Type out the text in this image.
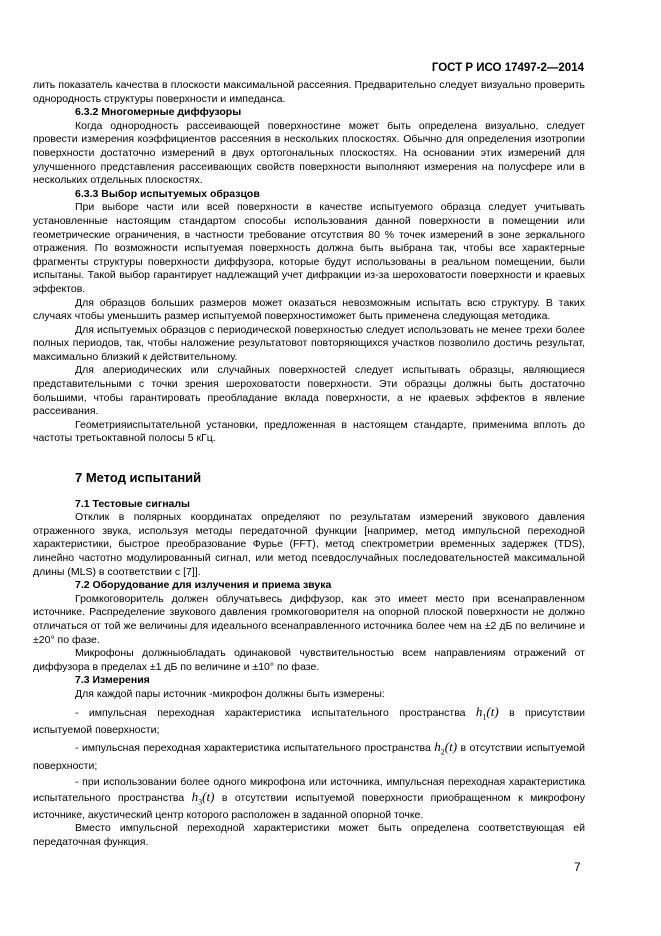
ГОСТ Р ИСО 17497-2—2014

лить показатель качества в плоскости максимальной рассеяния. Предварительно следует визуально проверить однородность структуры поверхности и импеданса.

6.3.2 Многомерные диффузоры

Когда однородность рассеивающей поверхностине может быть определена визуально, следует провести измерения коэффициентов рассеяния в нескольких плоскостях. Обычно для определения изотропии поверхности достаточно измерений в двух ортогональных плоскостях. На основании этих измерений для улучшенного представления рассеивающих свойств поверхности выполняют измерения на полусфере или в нескольких отдельных плоскостях.

6.3.3 Выбор испытуемых образцов

При выборе части или всей поверхности в качестве испытуемого образца следует учитывать установленные настоящим стандартом способы использования данной поверхности в помещении или геометрические ограничения, в частности требование отсутствия 80 % точек измерений в зоне зеркального отражения. По возможности испытуемая поверхность должна быть выбрана так, чтобы все характерные фрагменты структуры поверхности диффузора, которые будут использованы в реальном помещении, были испытаны. Такой выбор гарантирует надлежащий учет дифракции из-за шероховатости поверхности и краевых эффектов.

Для образцов больших размеров может оказаться невозможным испытать всю структуру. В таких случаях чтобы уменьшить размер испытуемой поверхностиможет быть применена следующая методика.

Для испытуемых образцов с периодической поверхностью следует использовать не менее трехи более полных периодов, так, чтобы наложение результатовот повторяющихся участков позволило достичь результат, максимально близкий к действительному.

Для апериодических или случайных поверхностей следует испытывать образцы, являющиеся представительными с точки зрения шероховатости поверхности. Эти образцы должны быть достаточно большими, чтобы гарантировать преобладание вклада поверхности, а не краевых эффектов в явление рассеивания.

Геометрияиспытательной установки, предложенная в настоящем стандарте, применима вплоть до частоты третьоктавной полосы 5 кГц.

7 Метод испытаний

7.1 Тестовые сигналы

Отклик в полярных координатах определяют по результатам измерений звукового давления отраженного звука, используя методы передаточной функции [например, метод импульсной переходной характеристики, быстрое преобразование Фурье (FFT), метод спектрометрии временных задержек (TDS), линейно частотно модулированный сигнал, или метод псевдослучайных последовательностей максимальной длины (MLS) в соответствии с [7]].

7.2 Оборудование для излучения и приема звука

Громкоговоритель должен облучатьвесь диффузор, как это имеет место при всенаправленном источнике. Распределение звукового давления громкоговорителя на опорной плоской поверхности не должно отличаться от той же величины для идеального всенаправленного источника более чем на ±2 дБ по величине и ±20° по фазе.

Микрофоны должныобладать одинаковой чувствительностью всем направлениям отражений от диффузора в пределах ±1 дБ по величине и ±10° по фазе.

7.3 Измерения

Для каждой пары источник -микрофон должны быть измерены:

- импульсная переходная характеристика испытательного пространства $h_1(t)$ в присутствии испытуемой поверхности;

- импульсная переходная характеристика испытательного пространства $h_2(t)$ в отсутствии испытуемой поверхности;

- при использовании более одного микрофона или источника, импульсная переходная характеристика испытательного пространства $h_3(t)$ в отсутствии испытуемой поверхности приобращенном к микрофону источнике, акустический центр которого расположен в заданной опорной точке.

Вместо импульсной переходной характеристики может быть определена соответствующая ей передаточная функция.

7
